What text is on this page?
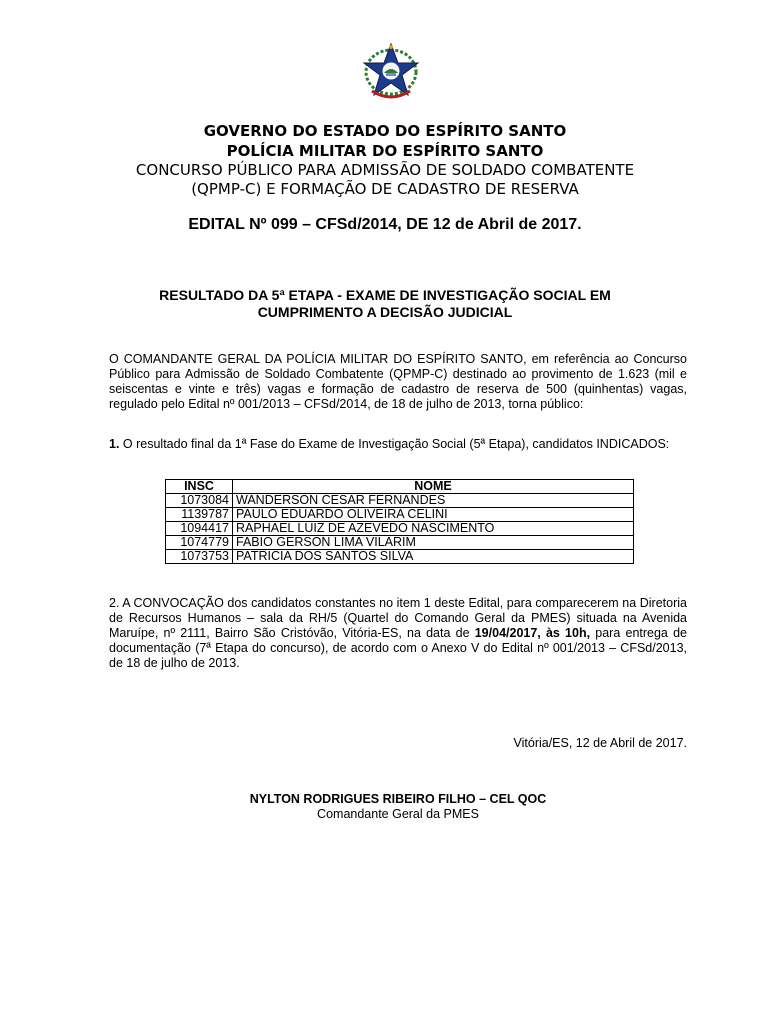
GOVERNO DO ESTADO DO ESPÍRITO SANTO
POLÍCIA MILITAR DO ESPÍRITO SANTO
CONCURSO PÚBLICO PARA ADMISSÃO DE SOLDADO COMBATENTE
(QPMP-C) E FORMAÇÃO DE CADASTRO DE RESERVA
EDITAL Nº 099 – CFSd/2014, DE 12 de Abril de 2017.
RESULTADO DA 5ª ETAPA - EXAME DE INVESTIGAÇÃO SOCIAL EM
CUMPRIMENTO A DECISÃO JUDICIAL
O COMANDANTE GERAL DA POLÍCIA MILITAR DO ESPÍRITO SANTO, em referência ao Concurso Público para Admissão de Soldado Combatente (QPMP-C) destinado ao provimento de 1.623 (mil e seiscentas e vinte e três) vagas e formação de cadastro de reserva de 500 (quinhentas) vagas, regulado pelo Edital nº 001/2013 – CFSd/2014, de 18 de julho de 2013, torna público:
1. O resultado final da 1ª Fase do Exame de Investigação Social (5ª Etapa), candidatos INDICADOS:
INSC	NOME
1073084	WANDERSON CESAR FERNANDES
1139787	PAULO EDUARDO OLIVEIRA CELINI
1094417	RAPHAEL LUIZ DE AZEVEDO NASCIMENTO
1074779	FABIO GERSON LIMA VILARIM
1073753	PATRICIA DOS SANTOS SILVA
2. A CONVOCAÇÃO dos candidatos constantes no item 1 deste Edital, para comparecerem na Diretoria de Recursos Humanos – sala da RH/5 (Quartel do Comando Geral da PMES) situada na Avenida Maruípe, nº 2111, Bairro São Cristóvão, Vitória-ES, na data de 19/04/2017, às 10h, para entrega de documentação (7ª Etapa do concurso), de acordo com o Anexo V do Edital nº 001/2013 – CFSd/2013, de 18 de julho de 2013.
Vitória/ES, 12 de Abril de 2017.
NYLTON RODRIGUES RIBEIRO FILHO – CEL QOC
Comandante Geral da PMES
